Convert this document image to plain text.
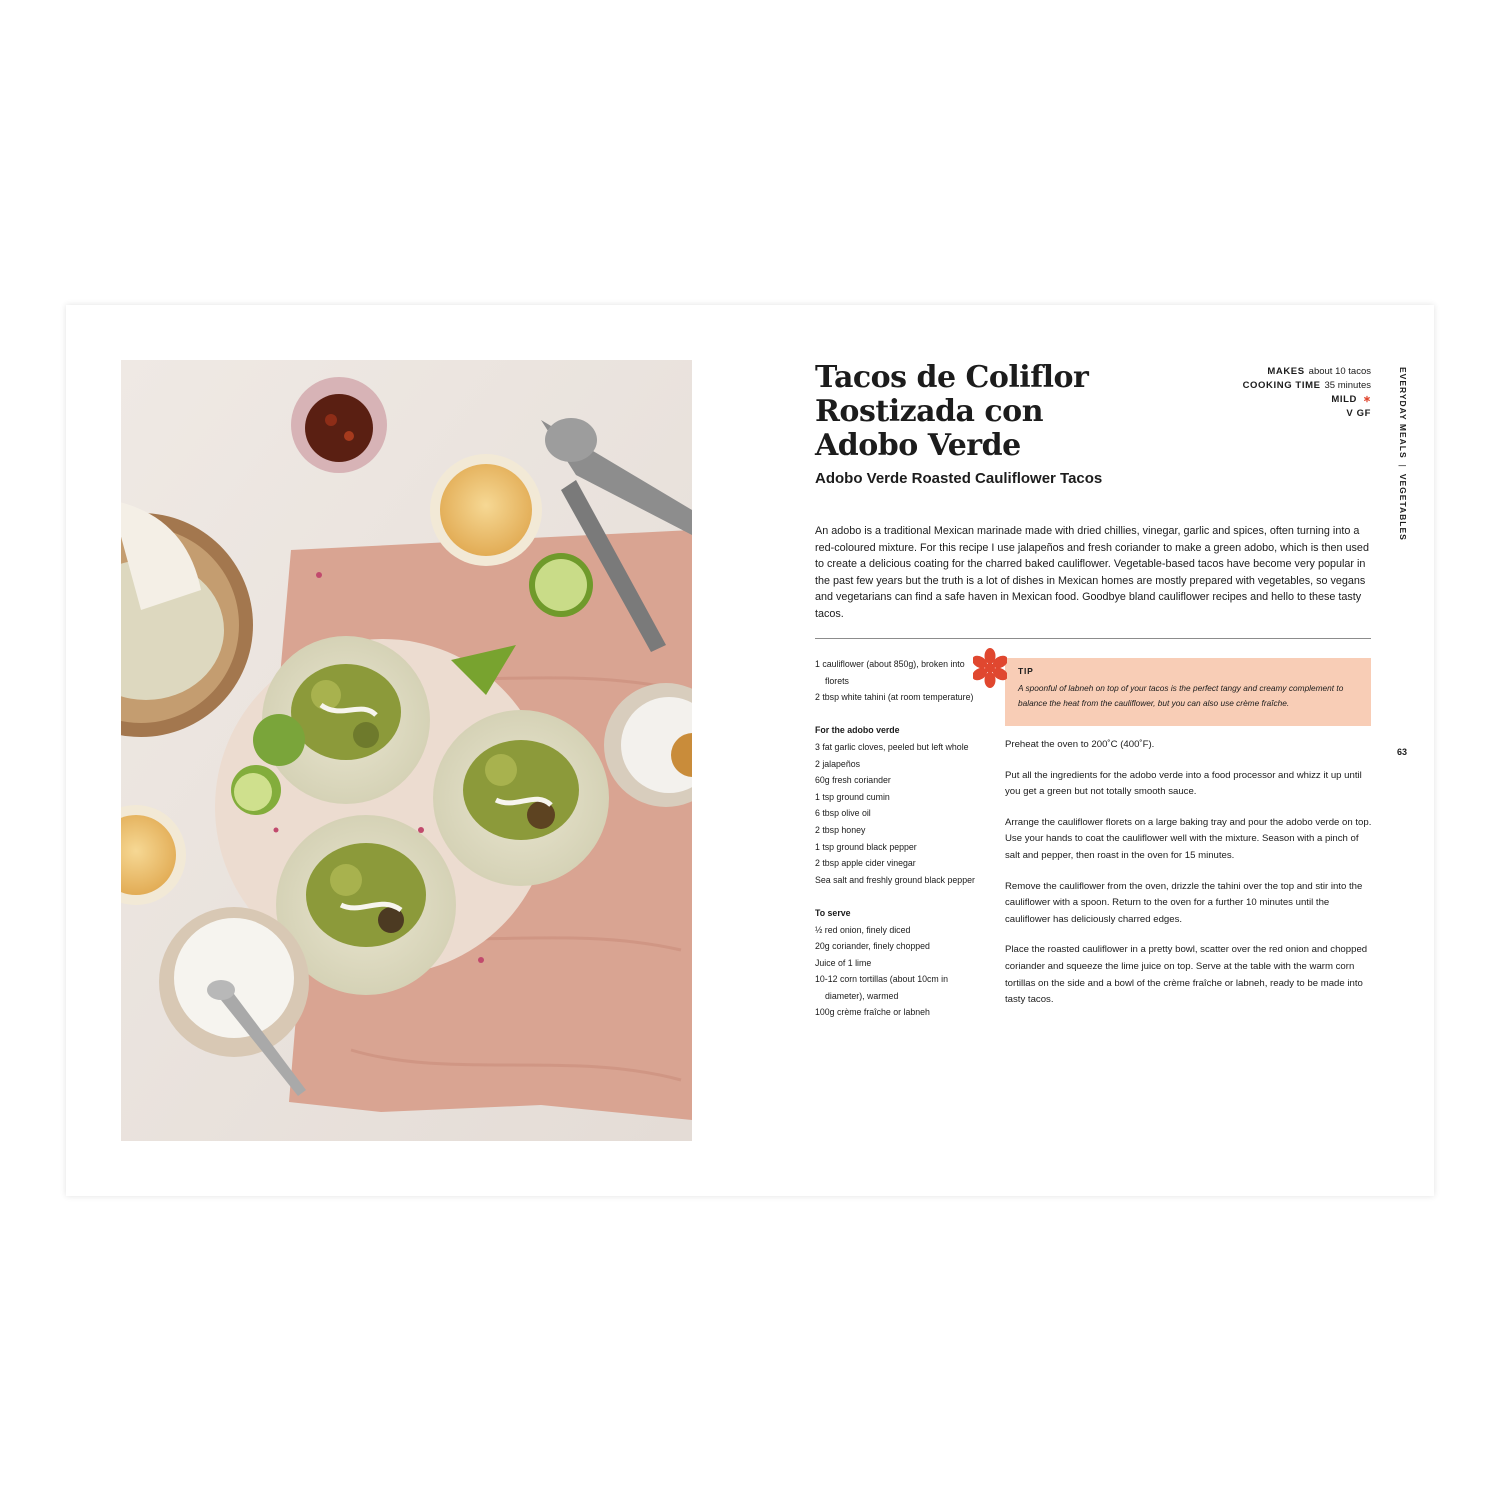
Tacos de Coliflor
Rostizada con
Adobo Verde
Adobo Verde Roasted Cauliflower Tacos
MAKES about 10 tacos
COOKING TIME 35 minutes
MILD ∗
V GF	EVERYDAY MEALS|VEGETABLES
63

An adobo is a traditional Mexican marinade made with dried chillies, vinegar, garlic and spices, often turning into a red-coloured mixture. For this recipe I use jalapeños and fresh coriander to make a green adobo, which is then used to create a delicious coating for the charred baked cauliflower. Vegetable-based tacos have become very popular in the past few years but the truth is a lot of dishes in Mexican homes are mostly prepared with vegetables, so vegans and vegetarians can find a safe haven in Mexican food. Goodbye bland cauliflower recipes and hello to these tasty tacos.

1 cauliflower (about 850g), broken into florets
2 tbsp white tahini (at room temperature)
For the adobo verde
3 fat garlic cloves, peeled but left whole
2 jalapeños
60g fresh coriander
1 tsp ground cumin
6 tbsp olive oil
2 tbsp honey
1 tsp ground black pepper
2 tbsp apple cider vinegar
Sea salt and freshly ground black pepper
To serve
½ red onion, finely diced
20g coriander, finely chopped
Juice of 1 lime
10-12 corn tortillas (about 10cm in diameter), warmed
100g crème fraîche or labneh
TIP

A spoonful of labneh on top of your tacos is the perfect tangy and creamy complement to balance the heat from the cauliflower, but you can also use crème fraîche.

Preheat the oven to 200˚C (400˚F).

Put all the ingredients for the adobo verde into a food processor and whizz it up until you get a green but not totally smooth sauce.

Arrange the cauliflower florets on a large baking tray and pour the adobo verde on top. Use your hands to coat the cauliflower well with the mixture. Season with a pinch of salt and pepper, then roast in the oven for 15 minutes.

Remove the cauliflower from the oven, drizzle the tahini over the top and stir into the cauliflower with a spoon. Return to the oven for a further 10 minutes until the cauliflower has deliciously charred edges.

Place the roasted cauliflower in a pretty bowl, scatter over the red onion and chopped coriander and squeeze the lime juice on top. Serve at the table with the warm corn tortillas on the side and a bowl of the crème fraîche or labneh, ready to be made into tasty tacos.
